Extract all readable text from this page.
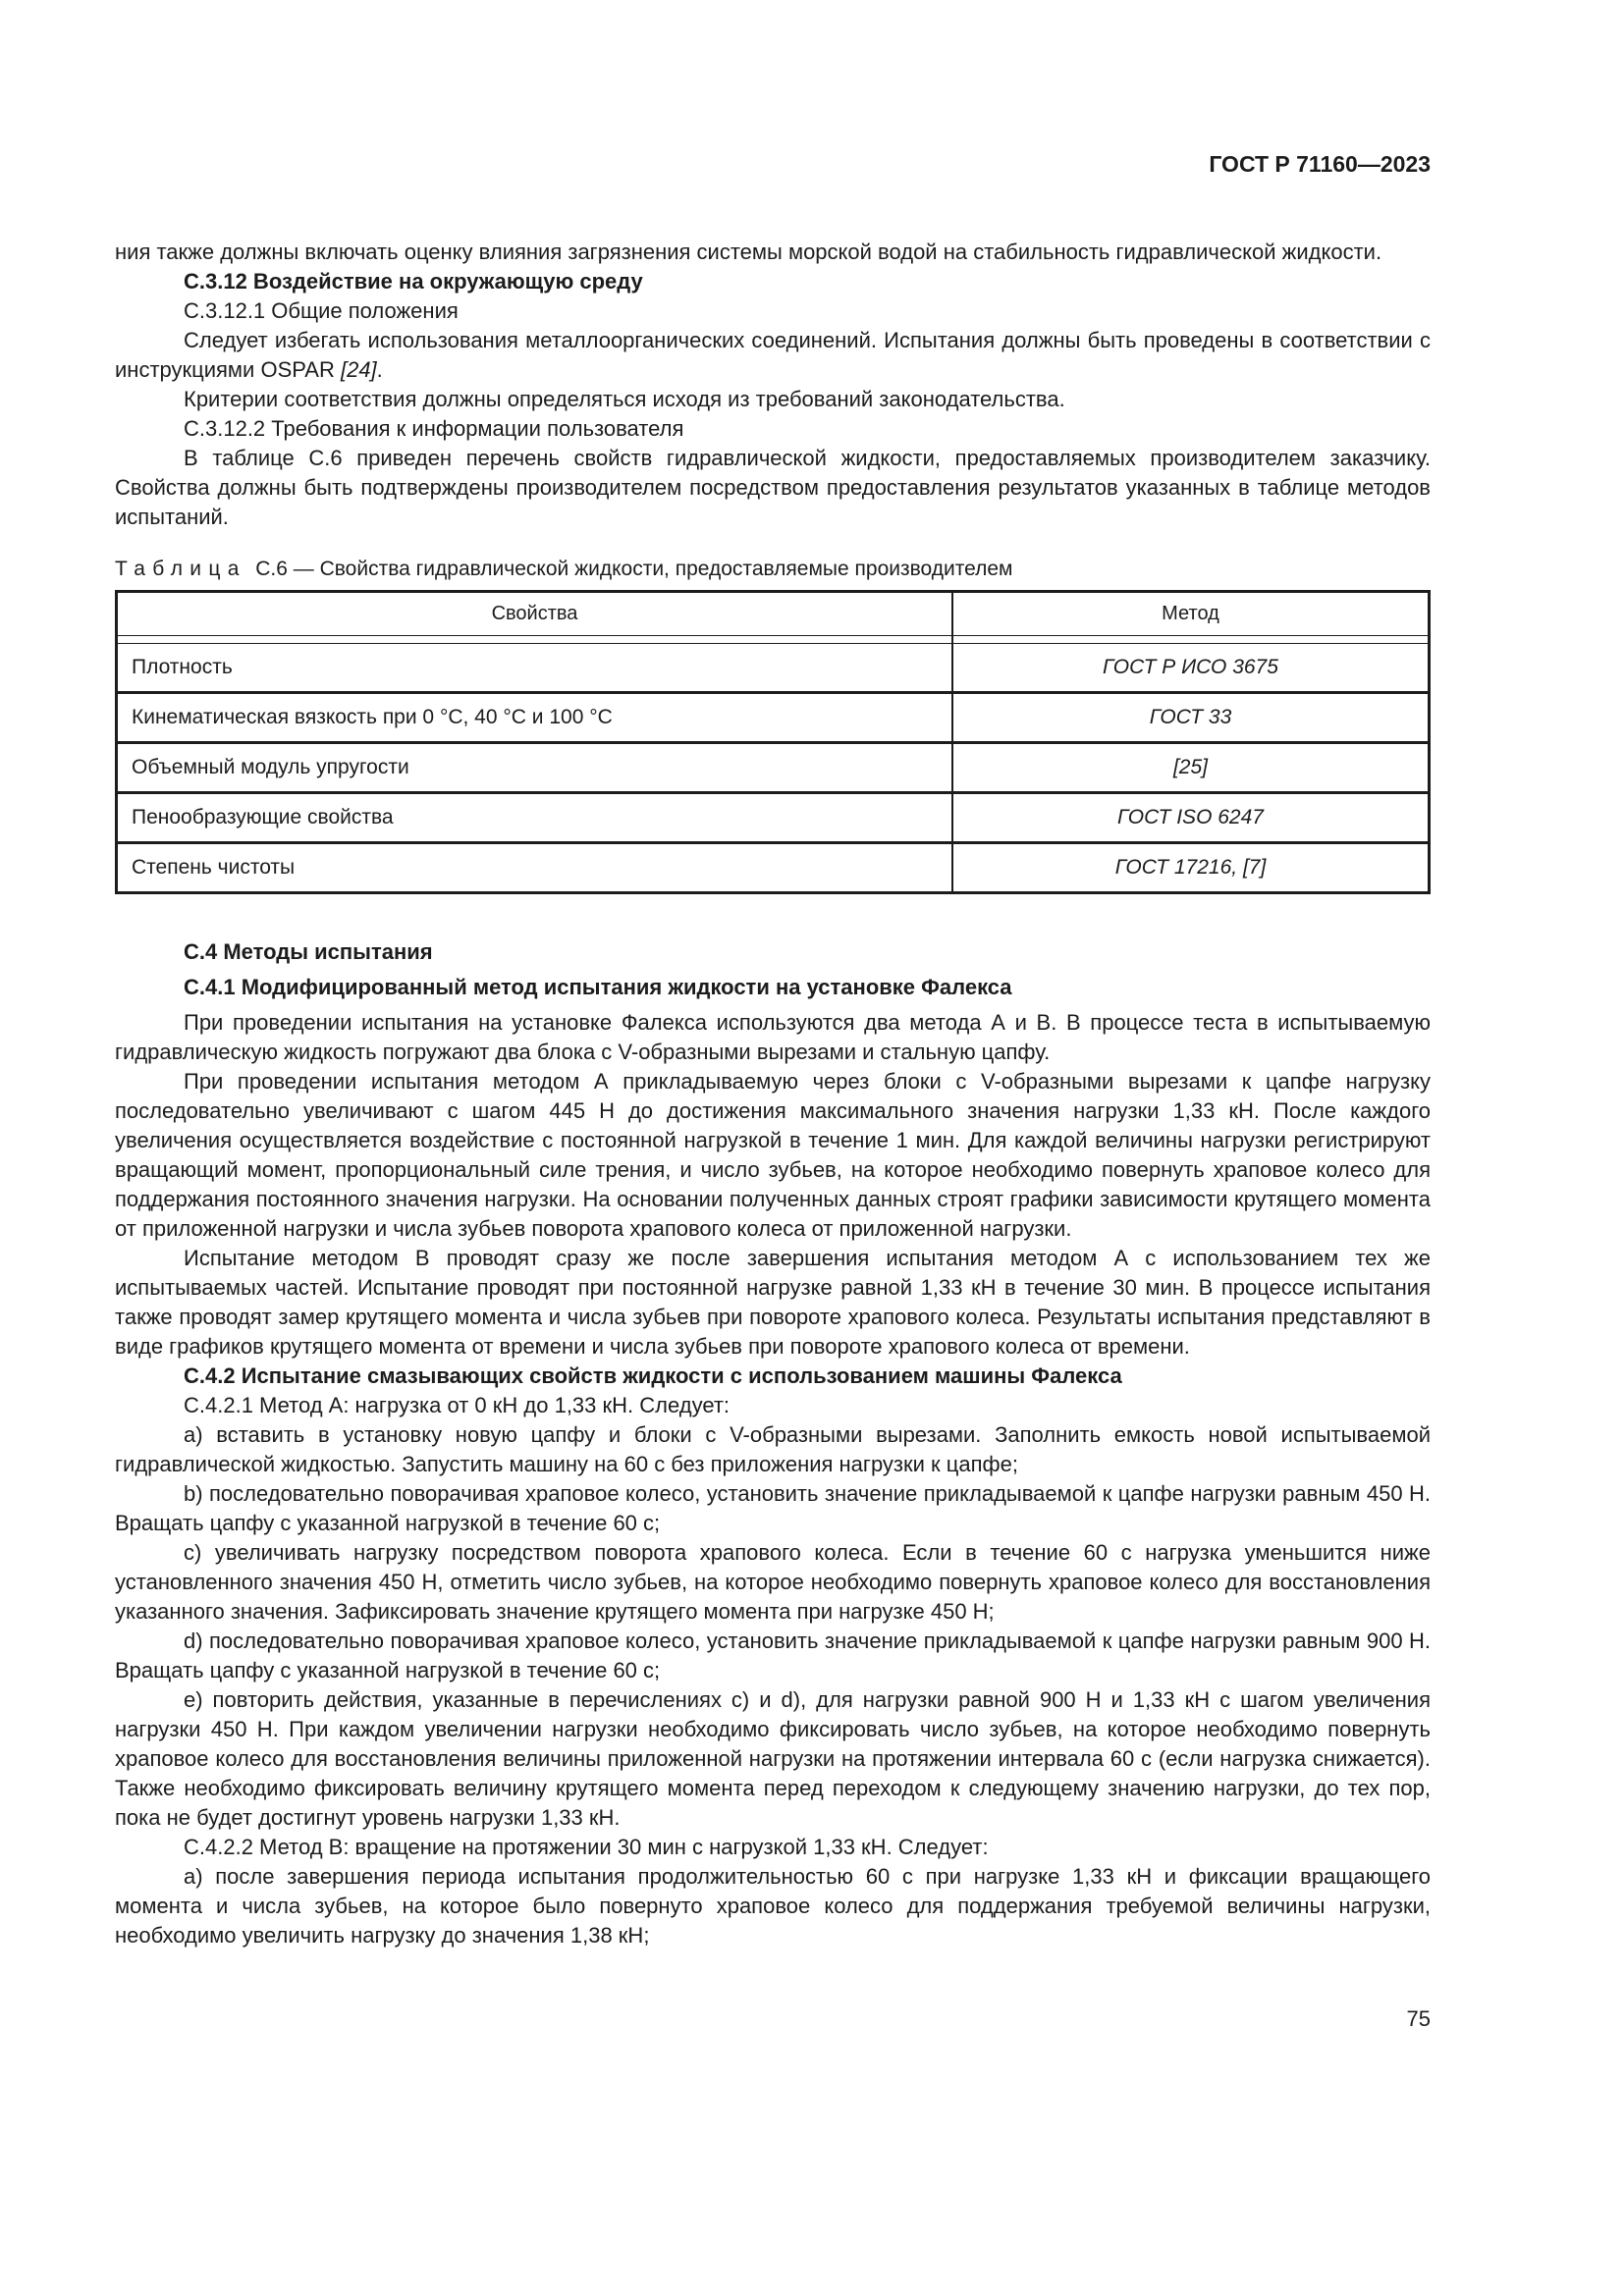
ГОСТ Р 71160—2023

ния также должны включать оценку влияния загрязнения системы морской водой на стабильность гидравлической жидкости.

С.3.12 Воздействие на окружающую среду

С.3.12.1 Общие положения

Следует избегать использования металлоорганических соединений. Испытания должны быть проведены в соответствии с инструкциями OSPAR [24].

Критерии соответствия должны определяться исходя из требований законодательства.

С.3.12.2 Требования к информации пользователя

В таблице С.6 приведен перечень свойств гидравлической жидкости, предоставляемых производителем заказчику. Свойства должны быть подтверждены производителем посредством предоставления результатов указанных в таблице методов испытаний.

Таблица С.6 — Свойства гидравлической жидкости, предоставляемые производителем

Свойства	Метод

Плотность	ГОСТ Р ИСО 3675
Кинематическая вязкость при 0 °С, 40 °С и 100 °С	ГОСТ 33
Объемный модуль упругости	[25]
Пенообразующие свойства	ГОСТ ISO 6247
Степень чистоты	ГОСТ 17216, [7]

С.4 Методы испытания

С.4.1 Модифицированный метод испытания жидкости на установке Фалекса

При проведении испытания на установке Фалекса используются два метода А и В. В процессе теста в испытываемую гидравлическую жидкость погружают два блока с V-образными вырезами и стальную цапфу.

При проведении испытания методом А прикладываемую через блоки с V-образными вырезами к цапфе нагрузку последовательно увеличивают с шагом 445 Н до достижения максимального значения нагрузки 1,33 кН. После каждого увеличения осуществляется воздействие с постоянной нагрузкой в течение 1 мин. Для каждой величины нагрузки регистрируют вращающий момент, пропорциональный силе трения, и число зубьев, на которое необходимо повернуть храповое колесо для поддержания постоянного значения нагрузки. На основании полученных данных строят графики зависимости крутящего момента от приложенной нагрузки и числа зубьев поворота храпового колеса от приложенной нагрузки.

Испытание методом В проводят сразу же после завершения испытания методом А с использованием тех же испытываемых частей. Испытание проводят при постоянной нагрузке равной 1,33 кН в течение 30 мин. В процессе испытания также проводят замер крутящего момента и числа зубьев при повороте храпового колеса. Результаты испытания представляют в виде графиков крутящего момента от времени и числа зубьев при повороте храпового колеса от времени.

С.4.2 Испытание смазывающих свойств жидкости с использованием машины Фалекса

С.4.2.1 Метод А: нагрузка от 0 кН до 1,33 кН. Следует:

a) вставить в установку новую цапфу и блоки с V-образными вырезами. Заполнить емкость новой испытываемой гидравлической жидкостью. Запустить машину на 60 с без приложения нагрузки к цапфе;

b) последовательно поворачивая храповое колесо, установить значение прикладываемой к цапфе нагрузки равным 450 Н. Вращать цапфу с указанной нагрузкой в течение 60 с;

c) увеличивать нагрузку посредством поворота храпового колеса. Если в течение 60 с нагрузка уменьшится ниже установленного значения 450 Н, отметить число зубьев, на которое необходимо повернуть храповое колесо для восстановления указанного значения. Зафиксировать значение крутящего момента при нагрузке 450 Н;

d) последовательно поворачивая храповое колесо, установить значение прикладываемой к цапфе нагрузки равным 900 Н. Вращать цапфу с указанной нагрузкой в течение 60 с;

e) повторить действия, указанные в перечислениях c) и d), для нагрузки равной 900 Н и 1,33 кН с шагом увеличения нагрузки 450 Н. При каждом увеличении нагрузки необходимо фиксировать число зубьев, на которое необходимо повернуть храповое колесо для восстановления величины приложенной нагрузки на протяжении интервала 60 с (если нагрузка снижается). Также необходимо фиксировать величину крутящего момента перед переходом к следующему значению нагрузки, до тех пор, пока не будет достигнут уровень нагрузки 1,33 кН.

С.4.2.2 Метод В: вращение на протяжении 30 мин с нагрузкой 1,33 кН. Следует:

a) после завершения периода испытания продолжительностью 60 с при нагрузке 1,33 кН и фиксации вращающего момента и числа зубьев, на которое было повернуто храповое колесо для поддержания требуемой величины нагрузки, необходимо увеличить нагрузку до значения 1,38 кН;

75
